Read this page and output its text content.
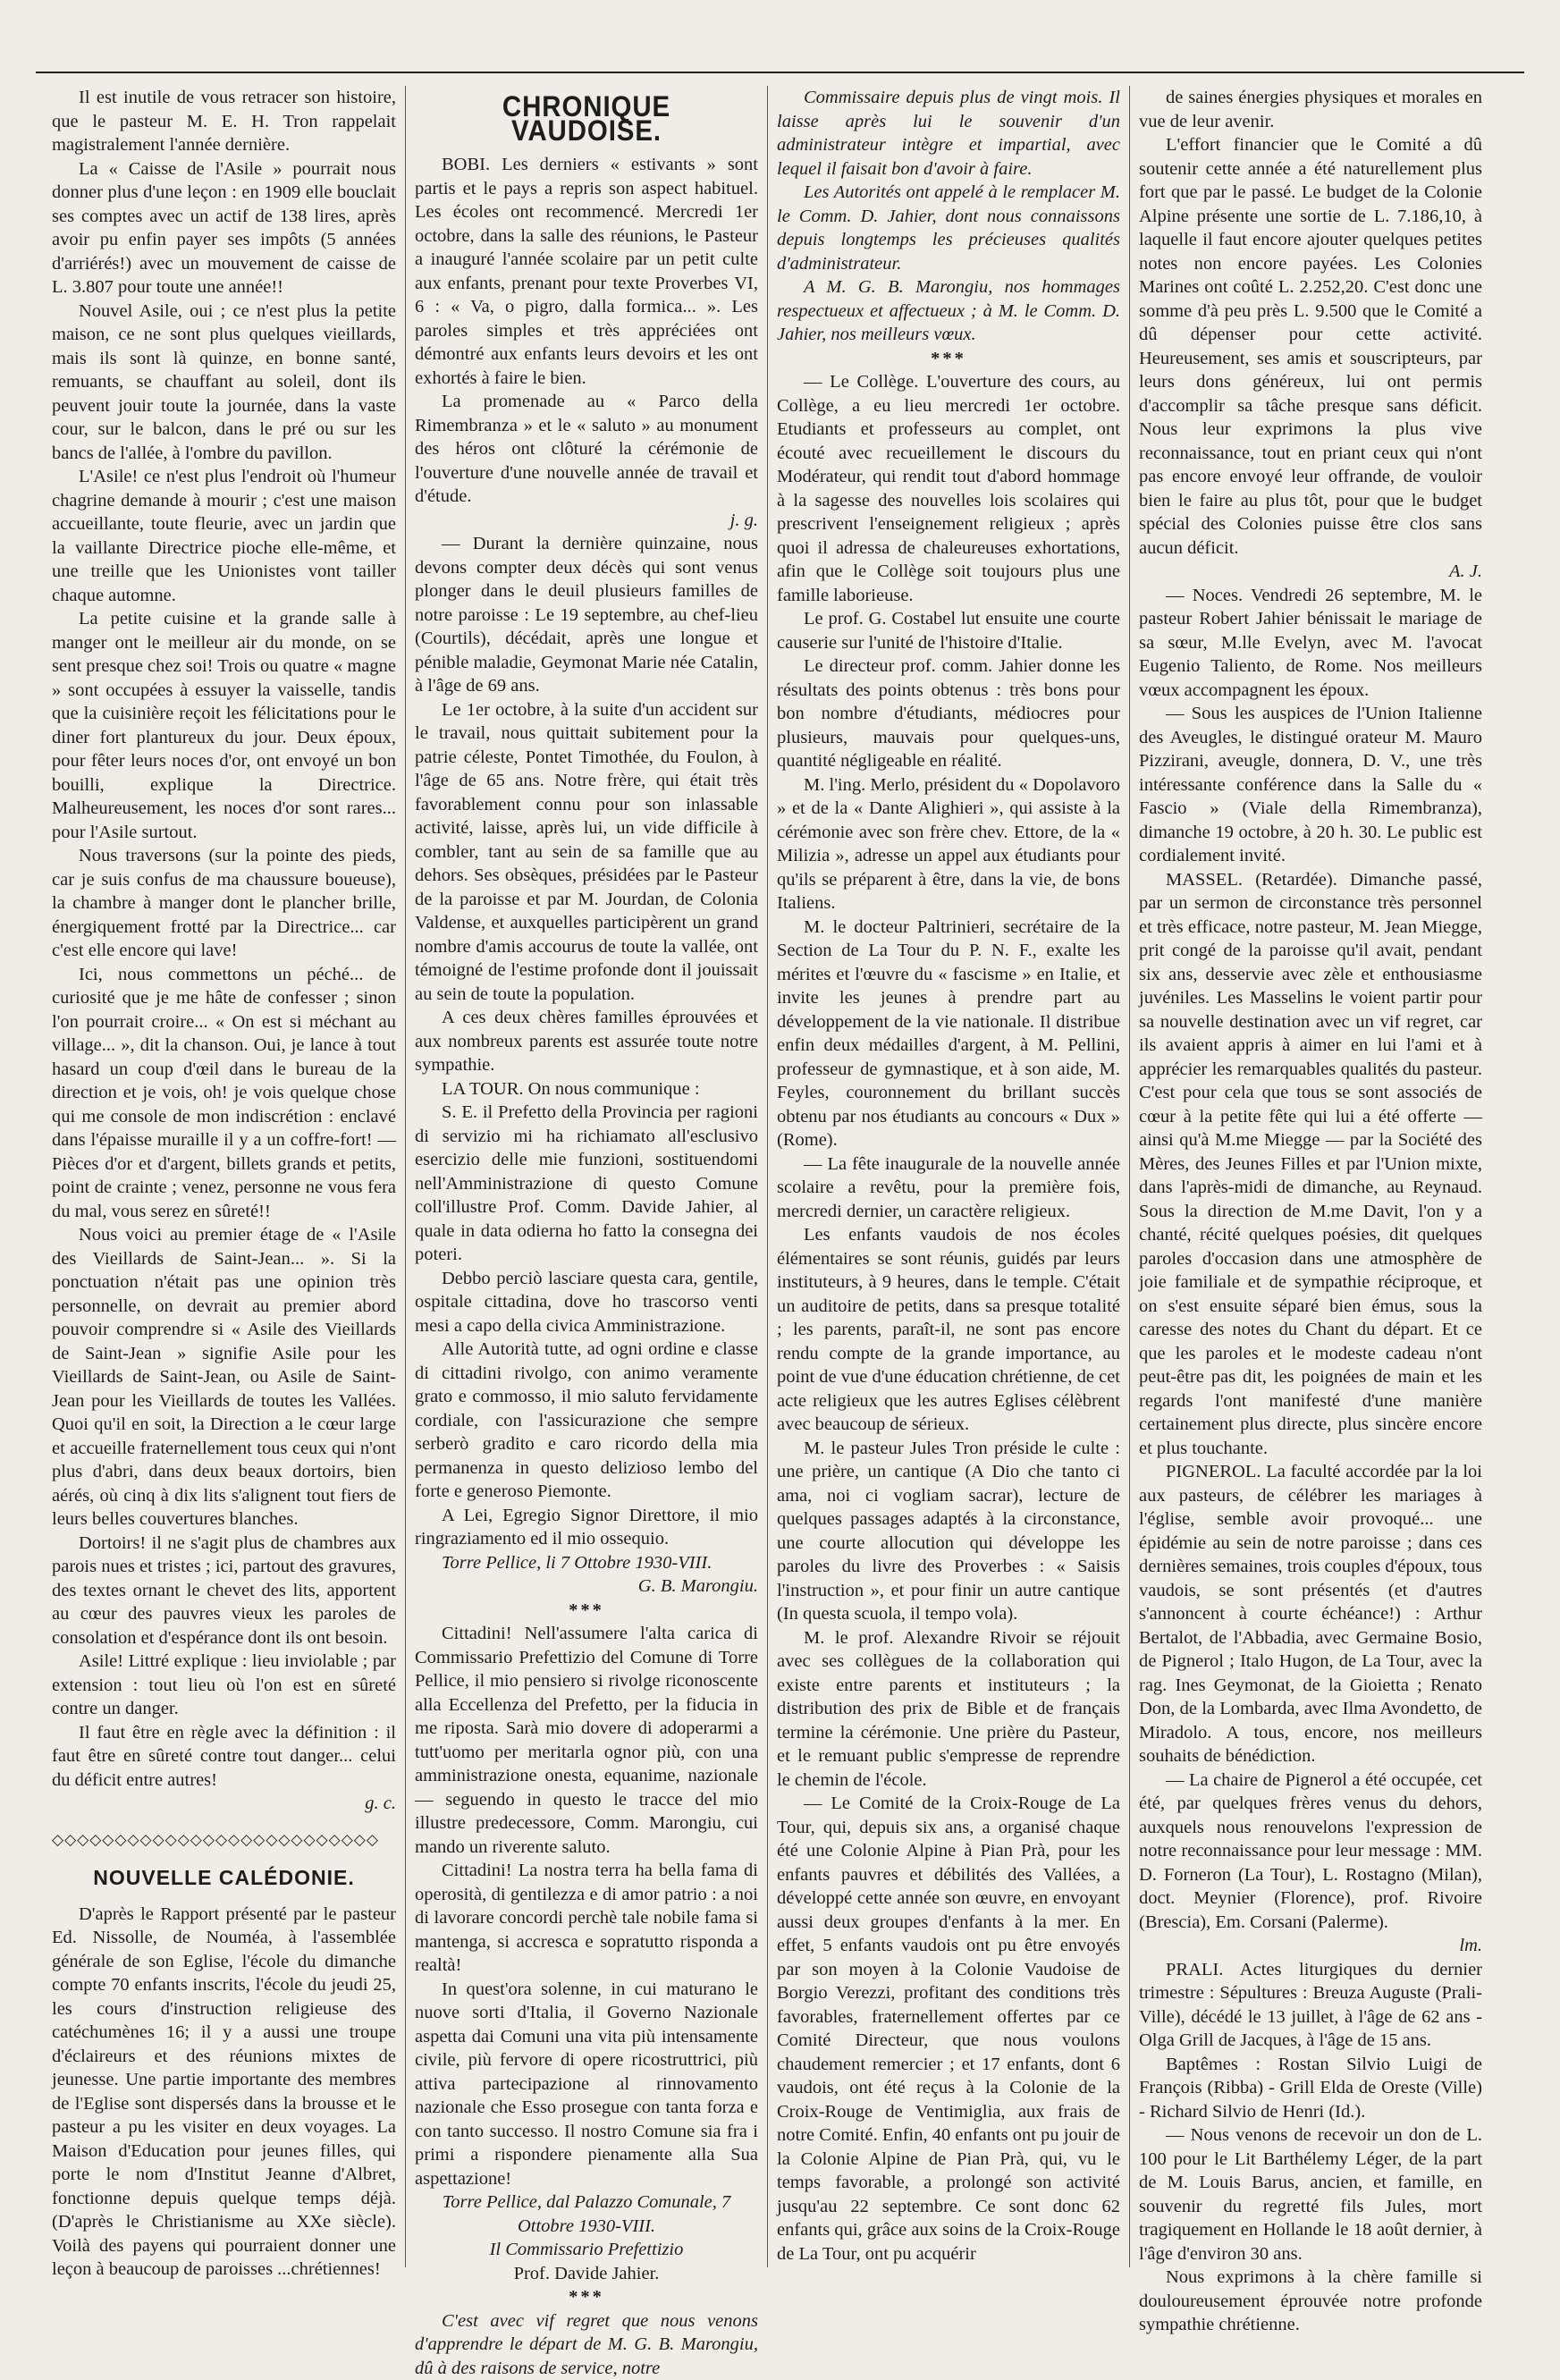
Il est inutile de vous retracer son histoire, que le pasteur M. E. H. Tron rappelait magistralement l'année dernière.

La « Caisse de l'Asile » pourrait nous donner plus d'une leçon : en 1909 elle bouclait ses comptes avec un actif de 138 lires, après avoir pu enfin payer ses impôts (5 années d'arriérés!) avec un mouvement de caisse de L. 3.807 pour toute une année!!

Nouvel Asile, oui ; ce n'est plus la petite maison, ce ne sont plus quelques vieillards, mais ils sont là quinze, en bonne santé, remuants, se chauffant au soleil, dont ils peuvent jouir toute la journée, dans la vaste cour, sur le balcon, dans le pré ou sur les bancs de l'allée, à l'ombre du pavillon.

L'Asile! ce n'est plus l'endroit où l'humeur chagrine demande à mourir ; c'est une maison accueillante, toute fleurie, avec un jardin que la vaillante Directrice pioche elle-même, et une treille que les Unionistes vont tailler chaque automne.

La petite cuisine et la grande salle à manger ont le meilleur air du monde, on se sent presque chez soi! Trois ou quatre « magne » sont occupées à essuyer la vaisselle, tandis que la cuisinière reçoit les félicitations pour le diner fort plantureux du jour. Deux époux, pour fêter leurs noces d'or, ont envoyé un bon bouilli, explique la Directrice. Malheureusement, les noces d'or sont rares... pour l'Asile surtout.

Nous traversons (sur la pointe des pieds, car je suis confus de ma chaussure boueuse), la chambre à manger dont le plancher brille, énergiquement frotté par la Directrice... car c'est elle encore qui lave!

Ici, nous commettons un péché... de curiosité que je me hâte de confesser ; sinon l'on pourrait croire... « On est si méchant au village... », dit la chanson. Oui, je lance à tout hasard un coup d'œil dans le bureau de la direction et je vois, oh! je vois quelque chose qui me console de mon indiscrétion : enclavé dans l'épaisse muraille il y a un coffre-fort! — Pièces d'or et d'argent, billets grands et petits, point de crainte ; venez, personne ne vous fera du mal, vous serez en sûreté!!

Nous voici au premier étage de « l'Asile des Vieillards de Saint-Jean... ». Si la ponctuation n'était pas une opinion très personnelle, on devrait au premier abord pouvoir comprendre si « Asile des Vieillards de Saint-Jean » signifie Asile pour les Vieillards de Saint-Jean, ou Asile de Saint-Jean pour les Vieillards de toutes les Vallées. Quoi qu'il en soit, la Direction a le cœur large et accueille fraternellement tous ceux qui n'ont plus d'abri, dans deux beaux dortoirs, bien aérés, où cinq à dix lits s'alignent tout fiers de leurs belles couvertures blanches.

Dortoirs! il ne s'agit plus de chambres aux parois nues et tristes ; ici, partout des gravures, des textes ornant le chevet des lits, apportent au cœur des pauvres vieux les paroles de consolation et d'espérance dont ils ont besoin.

Asile! Littré explique : lieu inviolable ; par extension : tout lieu où l'on est en sûreté contre un danger.

Il faut être en règle avec la définition : il faut être en sûreté contre tout danger... celui du déficit entre autres!

g. c.

◇◇◇◇◇◇◇◇◇◇◇◇◇◇◇◇◇◇◇◇◇◇◇◇◇◇
NOUVELLE CALÉDONIE.

D'après le Rapport présenté par le pasteur Ed. Nissolle, de Nouméa, à l'assemblée générale de son Eglise, l'école du dimanche compte 70 enfants inscrits, l'école du jeudi 25, les cours d'instruction religieuse des catéchumènes 16; il y a aussi une troupe d'éclaireurs et des réunions mixtes de jeunesse. Une partie importante des membres de l'Eglise sont dispersés dans la brousse et le pasteur a pu les visiter en deux voyages. La Maison d'Education pour jeunes filles, qui porte le nom d'Institut Jeanne d'Albret, fonctionne depuis quelque temps déjà. (D'après le Christianisme au XXe siècle). Voilà des payens qui pourraient donner une leçon à beaucoup de paroisses ...chrétiennes!

CHRONIQUE VAUDOISE.

BOBI. Les derniers « estivants » sont partis et le pays a repris son aspect habituel. Les écoles ont recommencé. Mercredi 1er octobre, dans la salle des réunions, le Pasteur a inauguré l'année scolaire par un petit culte aux enfants, prenant pour texte Proverbes VI, 6 : « Va, o pigro, dalla formica... ». Les paroles simples et très appréciées ont démontré aux enfants leurs devoirs et les ont exhortés à faire le bien.

La promenade au « Parco della Rimembranza » et le « saluto » au monument des héros ont clôturé la cérémonie de l'ouverture d'une nouvelle année de travail et d'étude.

j. g.

— Durant la dernière quinzaine, nous devons compter deux décès qui sont venus plonger dans le deuil plusieurs familles de notre paroisse : Le 19 septembre, au chef-lieu (Courtils), décédait, après une longue et pénible maladie, Geymonat Marie née Catalin, à l'âge de 69 ans.

Le 1er octobre, à la suite d'un accident sur le travail, nous quittait subitement pour la patrie céleste, Pontet Timothée, du Foulon, à l'âge de 65 ans. Notre frère, qui était très favorablement connu pour son inlassable activité, laisse, après lui, un vide difficile à combler, tant au sein de sa famille que au dehors. Ses obsèques, présidées par le Pasteur de la paroisse et par M. Jourdan, de Colonia Valdense, et auxquelles participèrent un grand nombre d'amis accourus de toute la vallée, ont témoigné de l'estime profonde dont il jouissait au sein de toute la population.

A ces deux chères familles éprouvées et aux nombreux parents est assurée toute notre sympathie.

LA TOUR. On nous communique :

S. E. il Prefetto della Provincia per ragioni di servizio mi ha richiamato all'esclusivo esercizio delle mie funzioni, sostituendomi nell'Amministrazione di questo Comune coll'illustre Prof. Comm. Davide Jahier, al quale in data odierna ho fatto la consegna dei poteri.

Debbo perciò lasciare questa cara, gentile, ospitale cittadina, dove ho trascorso venti mesi a capo della civica Amministrazione.

Alle Autorità tutte, ad ogni ordine e classe di cittadini rivolgo, con animo veramente grato e commosso, il mio saluto fervidamente cordiale, con l'assicurazione che sempre serberò gradito e caro ricordo della mia permanenza in questo delizioso lembo del forte e generoso Piemonte.

A Lei, Egregio Signor Direttore, il mio ringraziamento ed il mio ossequio.

Torre Pellice, li 7 Ottobre 1930-VIII.

G. B. Marongiu.

***

Cittadini! Nell'assumere l'alta carica di Commissario Prefettizio del Comune di Torre Pellice, il mio pensiero si rivolge riconoscente alla Eccellenza del Prefetto, per la fiducia in me riposta. Sarà mio dovere di adoperarmi a tutt'uomo per meritarla ognor più, con una amministrazione onesta, equanime, nazionale — seguendo in questo le tracce del mio illustre predecessore, Comm. Marongiu, cui mando un riverente saluto.

Cittadini! La nostra terra ha bella fama di operosità, di gentilezza e di amor patrio : a noi di lavorare concordi perchè tale nobile fama si mantenga, si accresca e sopratutto risponda a realtà!

In quest'ora solenne, in cui maturano le nuove sorti d'Italia, il Governo Nazionale aspetta dai Comuni una vita più intensamente civile, più fervore di opere ricostruttrici, più attiva partecipazione al rinnovamento nazionale che Esso prosegue con tanta forza e con tanto successo. Il nostro Comune sia fra i primi a rispondere pienamente alla Sua aspettazione!

Torre Pellice, dal Palazzo Comunale, 7 Ottobre 1930-VIII.

Il Commissario Prefettizio

Prof. Davide Jahier.

***

C'est avec vif regret que nous venons d'apprendre le départ de M. G. B. Marongiu, dû à des raisons de service, notre

Commissaire depuis plus de vingt mois. Il laisse après lui le souvenir d'un administrateur intègre et impartial, avec lequel il faisait bon d'avoir à faire.

Les Autorités ont appelé à le remplacer M. le Comm. D. Jahier, dont nous connaissons depuis longtemps les précieuses qualités d'administrateur.

A M. G. B. Marongiu, nos hommages respectueux et affectueux ; à M. le Comm. D. Jahier, nos meilleurs vœux.

***

— Le Collège. L'ouverture des cours, au Collège, a eu lieu mercredi 1er octobre. Etudiants et professeurs au complet, ont écouté avec recueillement le discours du Modérateur, qui rendit tout d'abord hommage à la sagesse des nouvelles lois scolaires qui prescrivent l'enseignement religieux ; après quoi il adressa de chaleureuses exhortations, afin que le Collège soit toujours plus une famille laborieuse.

Le prof. G. Costabel lut ensuite une courte causerie sur l'unité de l'histoire d'Italie.

Le directeur prof. comm. Jahier donne les résultats des points obtenus : très bons pour bon nombre d'étudiants, médiocres pour plusieurs, mauvais pour quelques-uns, quantité négligeable en réalité.

M. l'ing. Merlo, président du « Dopolavoro » et de la « Dante Alighieri », qui assiste à la cérémonie avec son frère chev. Ettore, de la « Milizia », adresse un appel aux étudiants pour qu'ils se préparent à être, dans la vie, de bons Italiens.

M. le docteur Paltrinieri, secrétaire de la Section de La Tour du P. N. F., exalte les mérites et l'œuvre du « fascisme » en Italie, et invite les jeunes à prendre part au développement de la vie nationale. Il distribue enfin deux médailles d'argent, à M. Pellini, professeur de gymnastique, et à son aide, M. Feyles, couronnement du brillant succès obtenu par nos étudiants au concours « Dux » (Rome).

— La fête inaugurale de la nouvelle année scolaire a revêtu, pour la première fois, mercredi dernier, un caractère religieux.

Les enfants vaudois de nos écoles élémentaires se sont réunis, guidés par leurs instituteurs, à 9 heures, dans le temple. C'était un auditoire de petits, dans sa presque totalité ; les parents, paraît-il, ne sont pas encore rendu compte de la grande importance, au point de vue d'une éducation chrétienne, de cet acte religieux que les autres Eglises célèbrent avec beaucoup de sérieux.

M. le pasteur Jules Tron préside le culte : une prière, un cantique (A Dio che tanto ci ama, noi ci vogliam sacrar), lecture de quelques passages adaptés à la circonstance, une courte allocution qui développe les paroles du livre des Proverbes : « Saisis l'instruction », et pour finir un autre cantique (In questa scuola, il tempo vola).

M. le prof. Alexandre Rivoir se réjouit avec ses collègues de la collaboration qui existe entre parents et instituteurs ; la distribution des prix de Bible et de français termine la cérémonie. Une prière du Pasteur, et le remuant public s'empresse de reprendre le chemin de l'école.

— Le Comité de la Croix-Rouge de La Tour, qui, depuis six ans, a organisé chaque été une Colonie Alpine à Pian Prà, pour les enfants pauvres et débilités des Vallées, a développé cette année son œuvre, en envoyant aussi deux groupes d'enfants à la mer. En effet, 5 enfants vaudois ont pu être envoyés par son moyen à la Colonie Vaudoise de Borgio Verezzi, profitant des conditions très favorables, fraternellement offertes par ce Comité Directeur, que nous voulons chaudement remercier ; et 17 enfants, dont 6 vaudois, ont été reçus à la Colonie de la Croix-Rouge de Ventimiglia, aux frais de notre Comité. Enfin, 40 enfants ont pu jouir de la Colonie Alpine de Pian Prà, qui, vu le temps favorable, a prolongé son activité jusqu'au 22 septembre. Ce sont donc 62 enfants qui, grâce aux soins de la Croix-Rouge de La Tour, ont pu acquérir

de saines énergies physiques et morales en vue de leur avenir.

L'effort financier que le Comité a dû soutenir cette année a été naturellement plus fort que par le passé. Le budget de la Colonie Alpine présente une sortie de L. 7.186,10, à laquelle il faut encore ajouter quelques petites notes non encore payées. Les Colonies Marines ont coûté L. 2.252,20. C'est donc une somme d'à peu près L. 9.500 que le Comité a dû dépenser pour cette activité. Heureusement, ses amis et souscripteurs, par leurs dons généreux, lui ont permis d'accomplir sa tâche presque sans déficit. Nous leur exprimons la plus vive reconnaissance, tout en priant ceux qui n'ont pas encore envoyé leur offrande, de vouloir bien le faire au plus tôt, pour que le budget spécial des Colonies puisse être clos sans aucun déficit.

A. J.

— Noces. Vendredi 26 septembre, M. le pasteur Robert Jahier bénissait le mariage de sa sœur, M.lle Evelyn, avec M. l'avocat Eugenio Taliento, de Rome. Nos meilleurs vœux accompagnent les époux.

— Sous les auspices de l'Union Italienne des Aveugles, le distingué orateur M. Mauro Pizzirani, aveugle, donnera, D. V., une très intéressante conférence dans la Salle du « Fascio » (Viale della Rimembranza), dimanche 19 octobre, à 20 h. 30. Le public est cordialement invité.

MASSEL. (Retardée). Dimanche passé, par un sermon de circonstance très personnel et très efficace, notre pasteur, M. Jean Miegge, prit congé de la paroisse qu'il avait, pendant six ans, desservie avec zèle et enthousiasme juvéniles. Les Masselins le voient partir pour sa nouvelle destination avec un vif regret, car ils avaient appris à aimer en lui l'ami et à apprécier les remarquables qualités du pasteur. C'est pour cela que tous se sont associés de cœur à la petite fête qui lui a été offerte — ainsi qu'à M.me Miegge — par la Société des Mères, des Jeunes Filles et par l'Union mixte, dans l'après-midi de dimanche, au Reynaud. Sous la direction de M.me Davit, l'on y a chanté, récité quelques poésies, dit quelques paroles d'occasion dans une atmosphère de joie familiale et de sympathie réciproque, et on s'est ensuite séparé bien émus, sous la caresse des notes du Chant du départ. Et ce que les paroles et le modeste cadeau n'ont peut-être pas dit, les poignées de main et les regards l'ont manifesté d'une manière certainement plus directe, plus sincère encore et plus touchante.

PIGNEROL. La faculté accordée par la loi aux pasteurs, de célébrer les mariages à l'église, semble avoir provoqué... une épidémie au sein de notre paroisse ; dans ces dernières semaines, trois couples d'époux, tous vaudois, se sont présentés (et d'autres s'annoncent à courte échéance!) : Arthur Bertalot, de l'Abbadia, avec Germaine Bosio, de Pignerol ; Italo Hugon, de La Tour, avec la rag. Ines Geymonat, de la Gioietta ; Renato Don, de la Lombarda, avec Ilma Avondetto, de Miradolo. A tous, encore, nos meilleurs souhaits de bénédiction.

— La chaire de Pignerol a été occupée, cet été, par quelques frères venus du dehors, auxquels nous renouvelons l'expression de notre reconnaissance pour leur message : MM. D. Forneron (La Tour), L. Rostagno (Milan), doct. Meynier (Florence), prof. Rivoire (Brescia), Em. Corsani (Palerme).

lm.

PRALI. Actes liturgiques du dernier trimestre : Sépultures : Breuza Auguste (Prali-Ville), décédé le 13 juillet, à l'âge de 62 ans - Olga Grill de Jacques, à l'âge de 15 ans.

Baptêmes : Rostan Silvio Luigi de François (Ribba) - Grill Elda de Oreste (Ville) - Richard Silvio de Henri (Id.).

— Nous venons de recevoir un don de L. 100 pour le Lit Barthélemy Léger, de la part de M. Louis Barus, ancien, et famille, en souvenir du regretté fils Jules, mort tragiquement en Hollande le 18 août dernier, à l'âge d'environ 30 ans.

Nous exprimons à la chère famille si douloureusement éprouvée notre profonde sympathie chrétienne.
